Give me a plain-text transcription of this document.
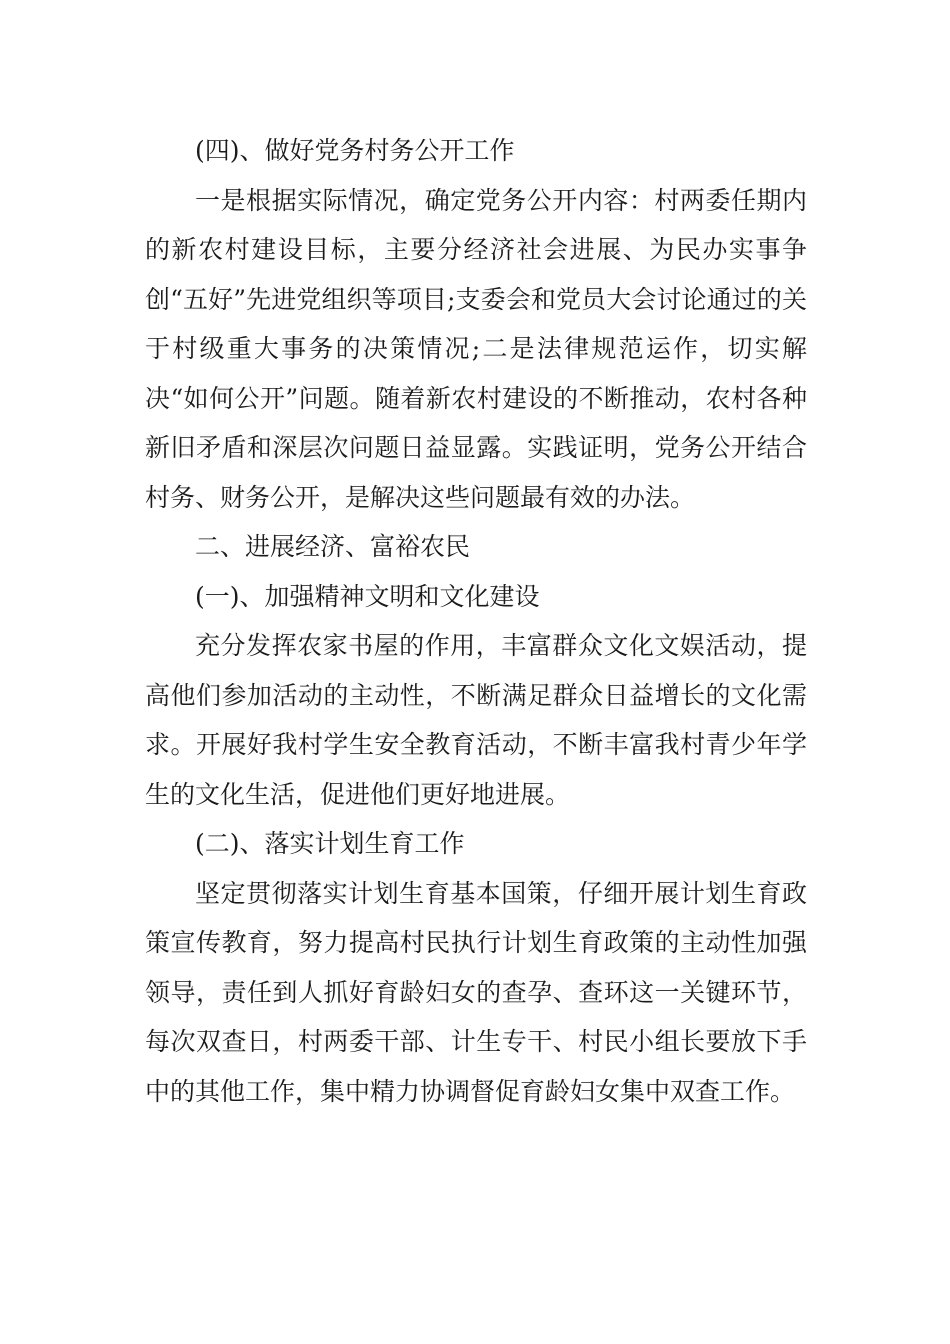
(四)、做好党务村务公开工作

一是根据实际情况，确定党务公开内容：村两委任期内的新农村建设目标，主要分经济社会进展、为民办实事争创“五好”先进党组织等项目;支委会和党员大会讨论通过的关于村级重大事务的决策情况;二是法律规范运作，切实解决“如何公开”问题。随着新农村建设的不断推动，农村各种新旧矛盾和深层次问题日益显露。实践证明，党务公开结合村务、财务公开，是解决这些问题最有效的办法。

二、进展经济、富裕农民

(一)、加强精神文明和文化建设

充分发挥农家书屋的作用，丰富群众文化文娱活动，提高他们参加活动的主动性，不断满足群众日益增长的文化需求。开展好我村学生安全教育活动，不断丰富我村青少年学生的文化生活，促进他们更好地进展。

(二)、落实计划生育工作

坚定贯彻落实计划生育基本国策，仔细开展计划生育政策宣传教育，努力提高村民执行计划生育政策的主动性加强领导，责任到人抓好育龄妇女的查孕、查环这一关键环节，每次双查日，村两委干部、计生专干、村民小组长要放下手中的其他工作，集中精力协调督促育龄妇女集中双查工作。
